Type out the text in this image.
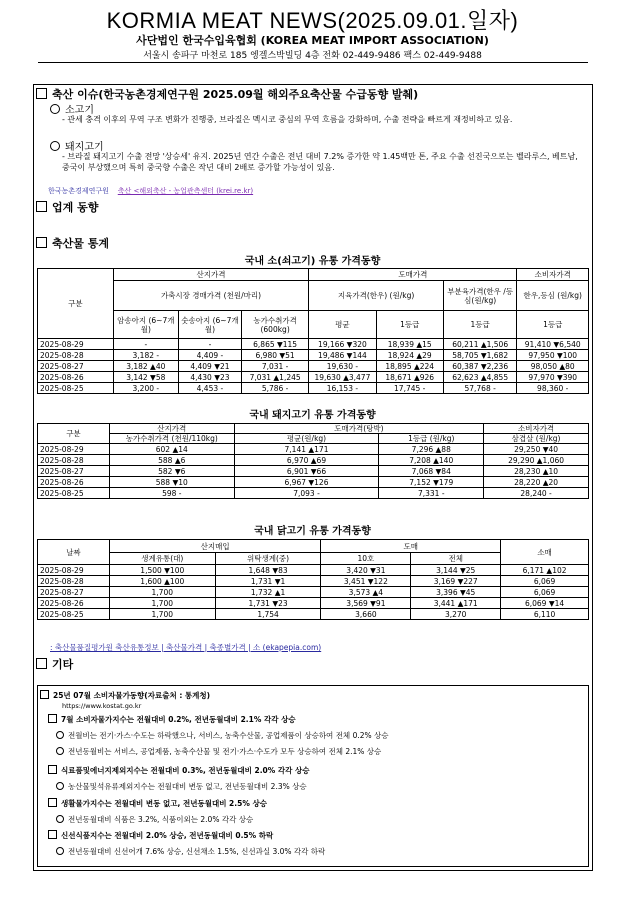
KORMIA MEAT NEWS(2025.09.01.일자)
사단법인 한국수입육협회 (KOREA MEAT IMPORT ASSOCIATION)
서울시 송파구 마천로 185 엥겔스박빌딩 4층 전화 02-449-9486 팩스 02-449-9488
축산 이슈(한국농촌경제연구원 2025.09월 해외주요축산물 수급동향 발췌)
소고기
- 관세 충격 이후의 무역 구조 변화가 진행중, 브라질은 멕시코 중심의 무역 흐름을 강화하며, 수출 전략을 빠르게 재정비하고 있음.
돼지고기
- 브라질 돼지고기 수출 전망 '상승세' 유지. 2025년 연간 수출은 전년 대비 7.2% 증가한 약 1.45백만 톤, 주요 수출 선진국으로는 벨라루스, 베트남, 중국이 부상했으며 특히 중국향 수출은 작년 대비 2배로 증가할 가능성이 있음.
한국농촌경제연구원 축산 <해외축산 - 농업관측센터 (krei.re.kr)
업계 동향
축산물 통계
국내 소(쇠고기) 유통 가격동향
구분	산지가격			도매가격			소비자가격
	가축시장 경매가격 (천원/마리)			지육가격(한우) (원/kg)		부분육가격(한우 /등심(원/kg)	한우,등심 (원/kg)
	암송아지 (6~7개월)	숫송아지 (6~7개월)	농가수취가격 (600kg)	평균	1등급	1등급	1등급
2025-08-29	-	-	6,865 ▼115	19,166 ▼320	18,939 ▲15	60,211 ▲1,506	91,410 ▼6,540
2025-08-28	3,182 -	4,409 -	6,980 ▼51	19,486 ▼144	18,924 ▲29	58,705 ▼1,682	97,950 ▼100
2025-08-27	3,182 ▲40	4,409 ▼21	7,031 -	19,630 -	18,895 ▲224	60,387 ▼2,236	98,050 ▲80
2025-08-26	3,142 ▼58	4,430 ▼23	7,031 ▲1,245	19,630 ▲3,477	18,671 ▲926	62,623 ▲4,855	97,970 ▼390
2025-08-25	3,200 -	4,453 -	5,786 -	16,153 -	17,745 -	57,768 -	98,360 -
국내 돼지고기 유통 가격동향
구분	산지가격	도매가격(탕박)		소비자가격
	농가수취가격 (천원/110kg)	평균(원/kg)	1등급 (원/kg)	삼겹살 (원/kg)
2025-08-29	602 ▲14	7,141 ▲171	7,296 ▲88	29,250 ▼40
2025-08-28	588 ▲6	6,970 ▲69	7,208 ▲140	29,290 ▲1,060
2025-08-27	582 ▼6	6,901 ▼66	7,068 ▼84	28,230 ▲10
2025-08-26	588 ▼10	6,967 ▼126	7,152 ▼179	28,220 ▲20
2025-08-25	598 -	7,093 -	7,331 -	28,240 -
국내 닭고기 유통 가격동향
날짜	산지매입		도매		소매
	생계유통(대)	위탁생계(중)	10호	전체	
2025-08-29	1,500 ▼100	1,648 ▼83	3,420 ▼31	3,144 ▼25	6,171 ▲102
2025-08-28	1,600 ▲100	1,731 ▼1	3,451 ▼122	3,169 ▼227	6,069
2025-08-27	1,700	1,732 ▲1	3,573 ▲4	3,396 ▼45	6,069
2025-08-26	1,700	1,731 ▼23	3,569 ▼91	3,441 ▲171	6,069 ▼14
2025-08-25	1,700	1,754	3,660	3,270	6,110
: 축산물품질평가원 축산유통정보 | 축산물가격 | 축종별가격 | 소 (ekapepia.com)
기타
25년 07월 소비자물가동향(자료출처 : 통계청)
https://www.kostat.go.kr
7월 소비자물가지수는 전월대비 0.2%, 전년동월대비 2.1% 각각 상승
전월비는 전기·가스·수도는 하락했으나, 서비스, 농축수산물, 공업제품이 상승하여 전체 0.2% 상승
전년동월비는 서비스, 공업제품, 농축수산물 및 전기·가스·수도가 모두 상승하여 전체 2.1% 상승
식료품및에너지제외지수는 전월대비 0.3%, 전년동월대비 2.0% 각각 상승
농산물및석유류제외지수는 전월대비 변동 없고, 전년동월대비 2.3% 상승
생활물가지수는 전월대비 변동 없고, 전년동월대비 2.5% 상승
전년동월대비 식품은 3.2%, 식품이외는 2.0% 각각 상승
신선식품지수는 전월대비 2.0% 상승, 전년동월대비 0.5% 하락
전년동월대비 신선어개 7.6% 상승, 신선채소 1.5%, 신선과실 3.0% 각각 하락
